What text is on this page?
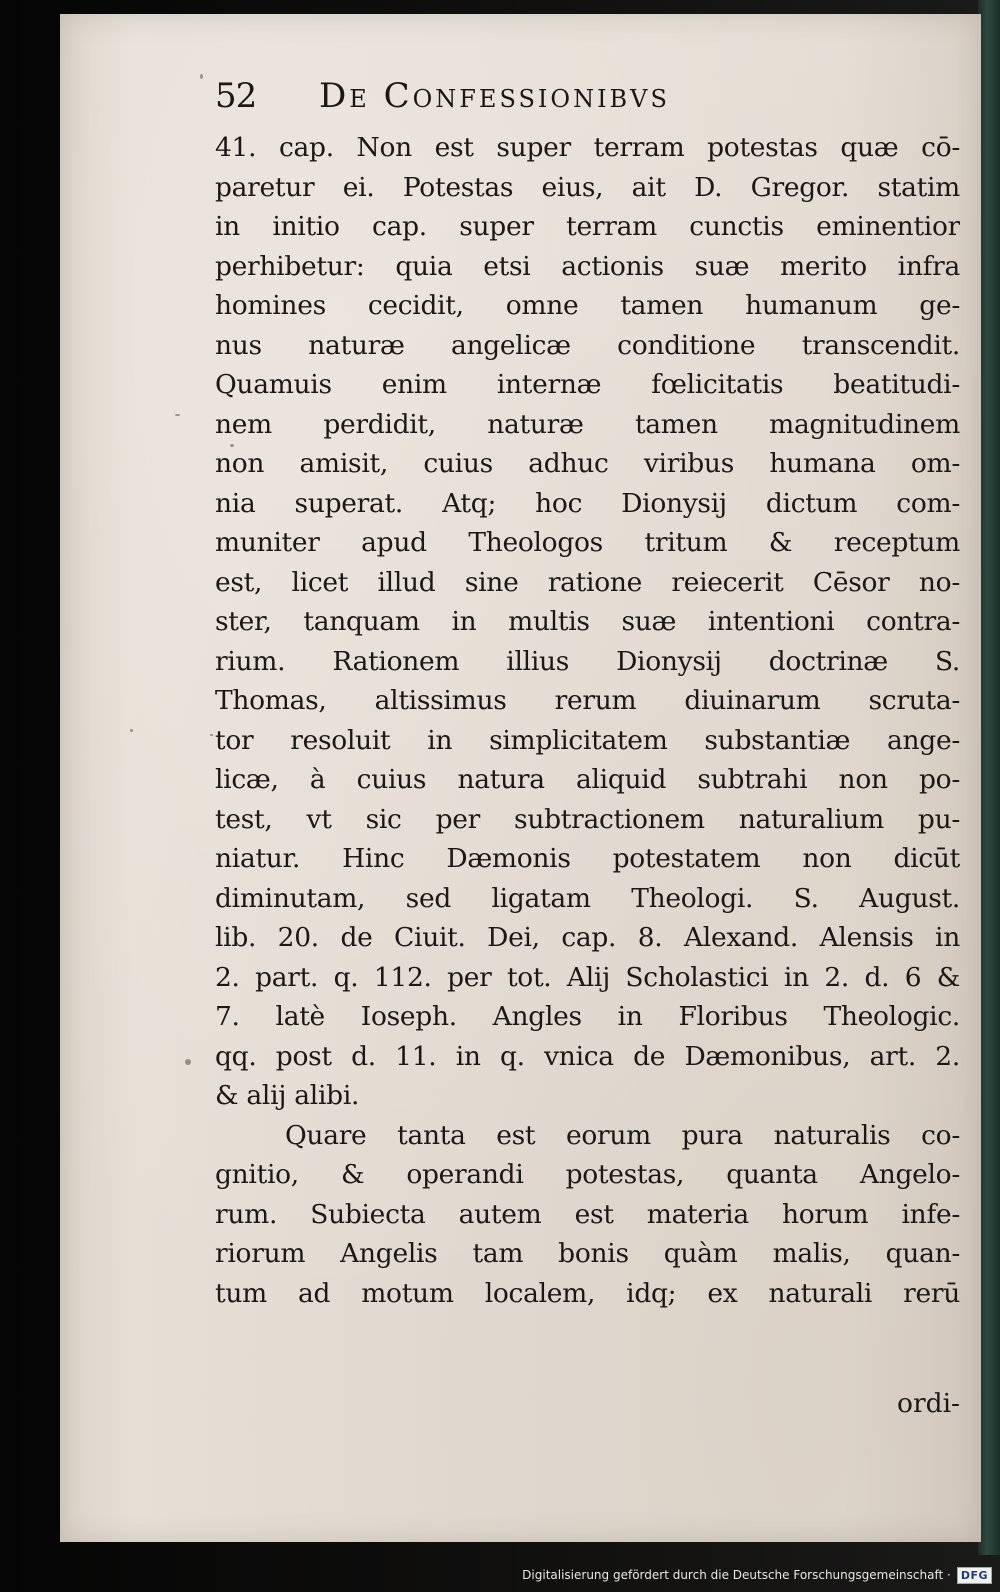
52 De Confessionibvs
41. cap. Non est super terram potestas quæ cō-
paretur ei. Potestas eius, ait D. Gregor. statim
in initio cap. super terram cunctis eminentior
perhibetur: quia etsi actionis suæ merito infra
homines cecidit, omne tamen humanum ge-
nus naturæ angelicæ conditione transcendit.
Quamuis enim internæ fœlicitatis beatitudi-
nem perdidit, naturæ tamen magnitudinem
non amisit, cuius adhuc viribus humana om-
nia superat. Atq; hoc Dionysij dictum com-
muniter apud Theologos tritum & receptum
est, licet illud sine ratione reiecerit Cēsor no-
ster, tanquam in multis suæ intentioni contra-
rium. Rationem illius Dionysij doctrinæ S.
Thomas, altissimus rerum diuinarum scruta-
tor resoluit in simplicitatem substantiæ ange-
licæ, à cuius natura aliquid subtrahi non po-
test, vt sic per subtractionem naturalium pu-
niatur. Hinc Dæmonis potestatem non dicūt
diminutam, sed ligatam Theologi. S. August.
lib. 20. de Ciuit. Dei, cap. 8. Alexand. Alensis in
2. part. q. 112. per tot. Alij Scholastici in 2. d. 6 &
7. latè Ioseph. Angles in Floribus Theologic.
qq. post d. 11. in q. vnica de Dæmonibus, art. 2.
& alij alibi.
Quare tanta est eorum pura naturalis co-
gnitio, & operandi potestas, quanta Angelo-
rum. Subiecta autem est materia horum infe-
riorum Angelis tam bonis quàm malis, quan-
tum ad motum localem, idq; ex naturali rerū
ordi-
Digitalisierung gefördert durch die Deutsche Forschungsgemeinschaft · DFG
